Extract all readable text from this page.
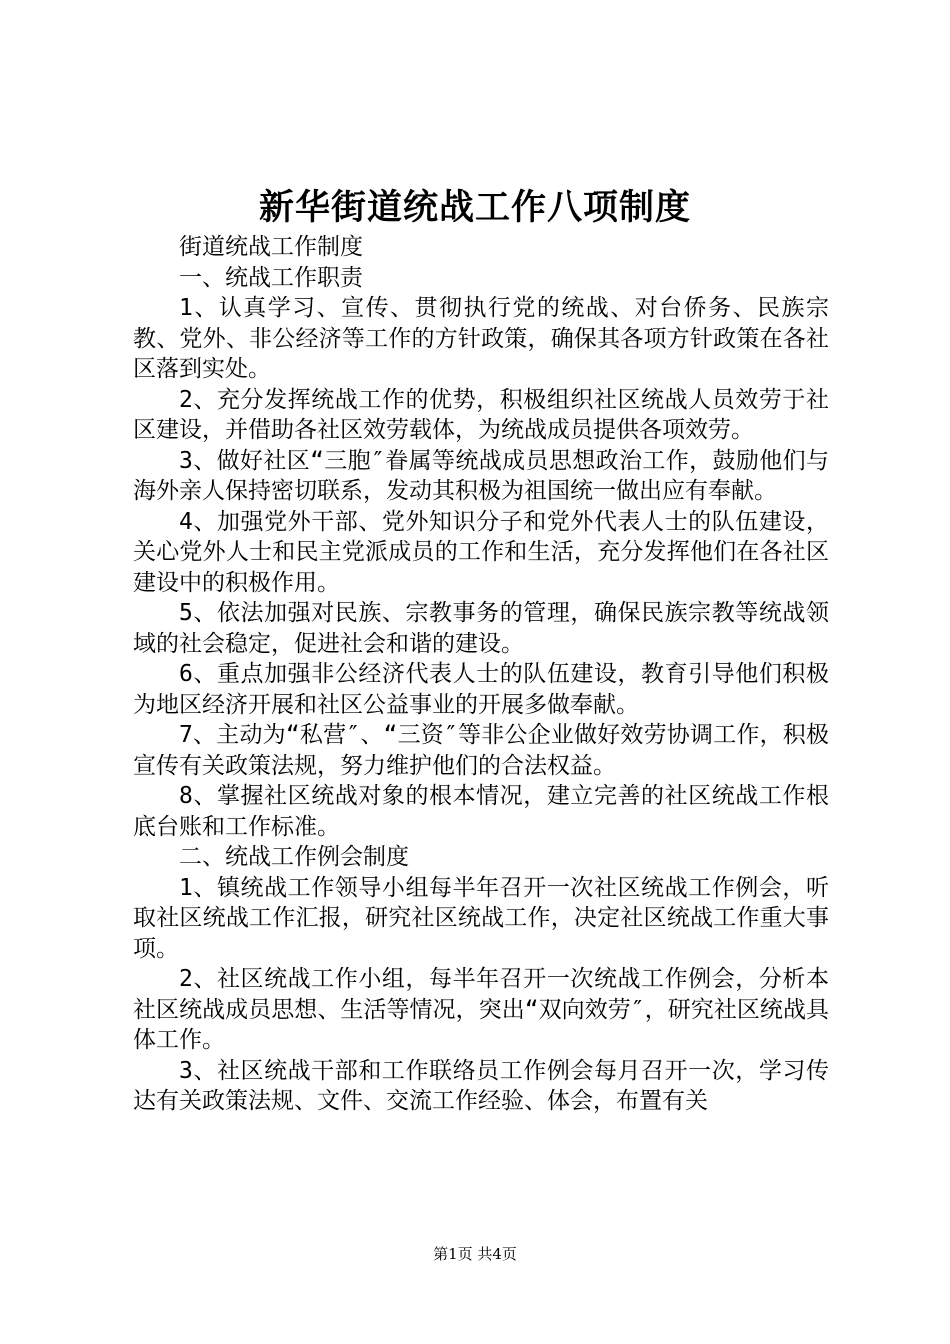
新华街道统战工作八项制度

街道统战工作制度

一、统战工作职责

1、认真学习、宣传、贯彻执行党的统战、对台侨务、民族宗教、党外、非公经济等工作的方针政策，确保其各项方针政策在各社区落到实处。

2、充分发挥统战工作的优势，积极组织社区统战人员效劳于社区建设，并借助各社区效劳载体，为统战成员提供各项效劳。

3、做好社区“三胞″眷属等统战成员思想政治工作，鼓励他们与海外亲人保持密切联系，发动其积极为祖国统一做出应有奉献。

4、加强党外干部、党外知识分子和党外代表人士的队伍建设，关心党外人士和民主党派成员的工作和生活，充分发挥他们在各社区建设中的积极作用。

5、依法加强对民族、宗教事务的管理，确保民族宗教等统战领域的社会稳定，促进社会和谐的建设。

6、重点加强非公经济代表人士的队伍建设，教育引导他们积极为地区经济开展和社区公益事业的开展多做奉献。

7、主动为“私营″、“三资″等非公企业做好效劳协调工作，积极宣传有关政策法规，努力维护他们的合法权益。

8、掌握社区统战对象的根本情况，建立完善的社区统战工作根底台账和工作标准。

二、统战工作例会制度

1、镇统战工作领导小组每半年召开一次社区统战工作例会，听取社区统战工作汇报，研究社区统战工作，决定社区统战工作重大事项。

2、社区统战工作小组，每半年召开一次统战工作例会，分析本社区统战成员思想、生活等情况，突出“双向效劳″，研究社区统战具体工作。

3、社区统战干部和工作联络员工作例会每月召开一次，学习传达有关政策法规、文件、交流工作经验、体会，布置有关

第1页 共4页
